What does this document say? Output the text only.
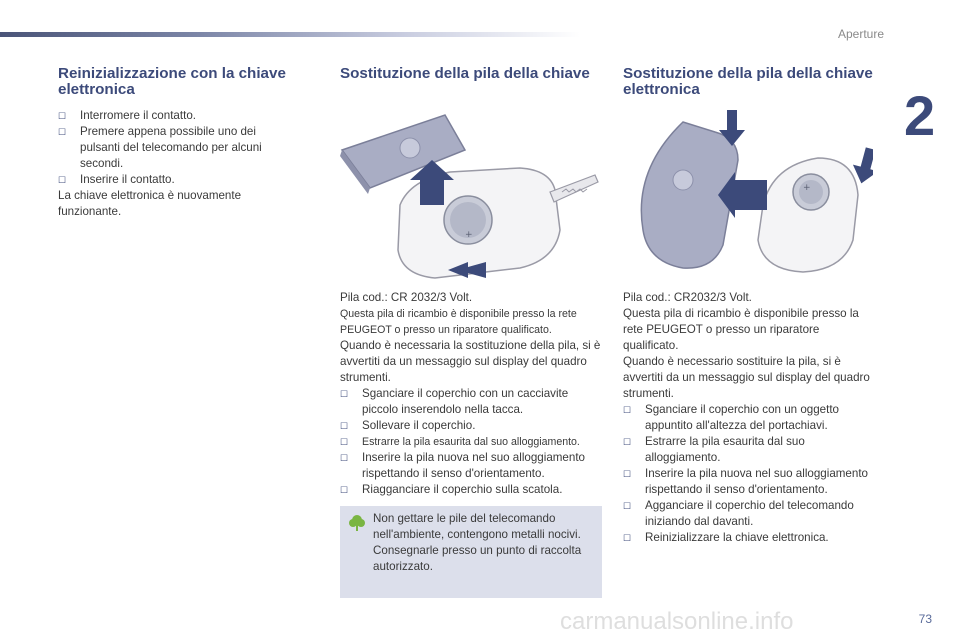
Aperture
2
Reinizializzazione con la chiave elettronica
☐ Interromere il contatto.
☐ Premere appena possibile uno dei pulsanti del telecomando per alcuni secondi.
☐ Inserire il contatto.

La chiave elettronica è nuovamente funzionante.

Sostituzione della pila della chiave
+

Pila cod.: CR 2032/3 Volt.

Questa pila di ricambio è disponibile presso la rete PEUGEOT o presso un riparatore qualificato.

Quando è necessaria la sostituzione della pila, si è avvertiti da un messaggio sul display del quadro strumenti.

☐ Sganciare il coperchio con un cacciavite piccolo inserendolo nella tacca.
☐ Sollevare il coperchio.
☐ Estrarre la pila esaurita dal suo alloggiamento.
☐ Inserire la pila nuova nel suo alloggiamento rispettando il senso d'orientamento.
☐ Riagganciare il coperchio sulla scatola.

Non gettare le pile del telecomando nell'ambiente, contengono metalli nocivi.

Consegnarle presso un punto di raccolta autorizzato.

Sostituzione della pila della chiave elettronica
+

Pila cod.: CR2032/3 Volt.

Questa pila di ricambio è disponibile presso la rete PEUGEOT o presso un riparatore qualificato.

Quando è necessario sostituire la pila, si è avvertiti da un messaggio sul display del quadro strumenti.

☐ Sganciare il coperchio con un oggetto appuntito all'altezza del portachiavi.
☐ Estrarre la pila esaurita dal suo alloggiamento.
☐ Inserire la pila nuova nel suo alloggiamento rispettando il senso d'orientamento.
☐ Agganciare il coperchio del telecomando iniziando dal davanti.
☐ Reinizializzare la chiave elettronica.
carmanualsonline.info	73
